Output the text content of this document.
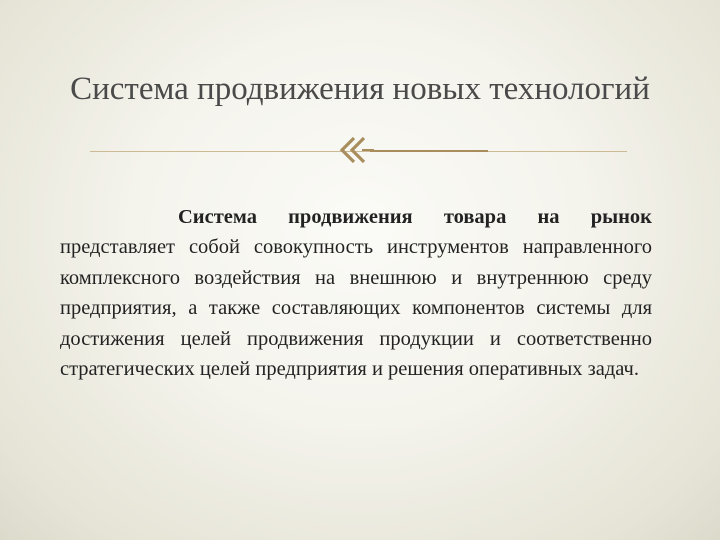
Система продвижения новых технологий

Система продвижения товара на рынок представляет собой совокупность инструментов направленного комплексного воздействия на внешнюю и внутреннюю среду предприятия, а также составляющих компонентов системы для достижения целей продвижения продукции и соответственно стратегических целей предприятия и решения оперативных задач.
